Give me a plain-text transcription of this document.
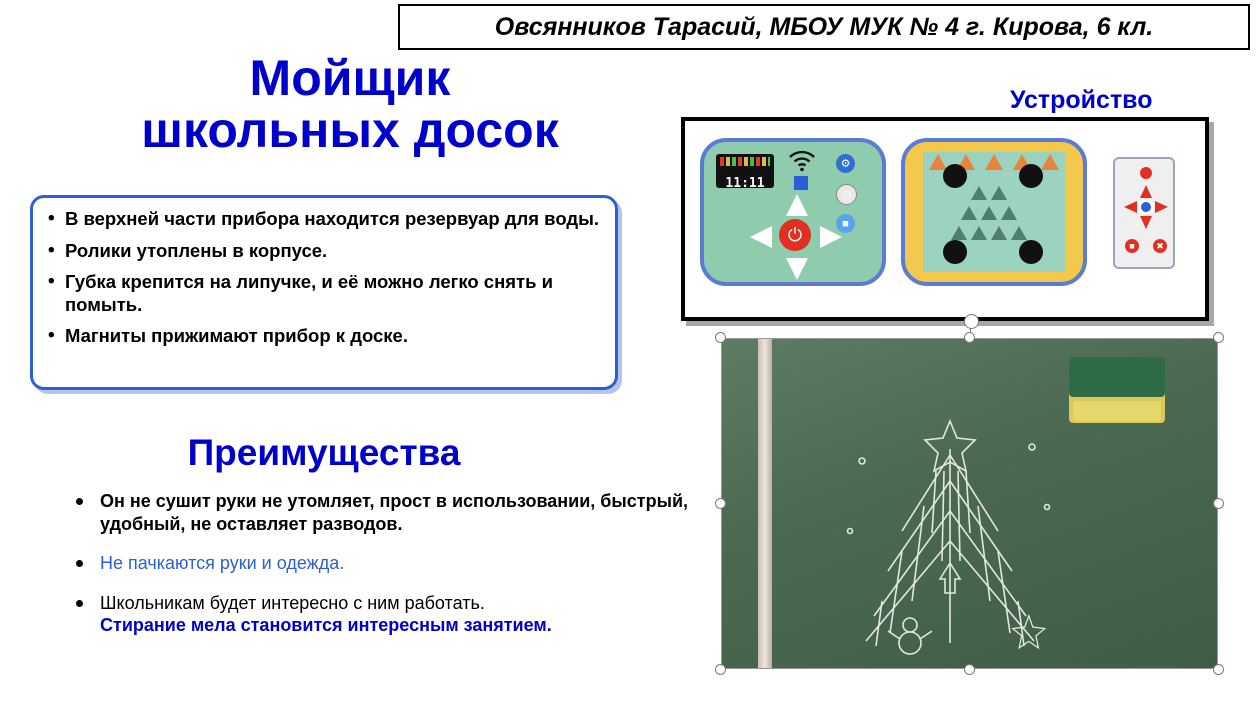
Овсянников Тарасий, МБОУ МУК № 4 г. Кирова, 6 кл.
Мойщик
школьных досок
Устройство
• В верхней части прибора находится резервуар для воды.
• Ролики утоплены в корпусе.
• Губка крепится на липучке, и её можно легко снять и помыть.
• Магниты прижимают прибор к доске.
Преимущества
Он не сушит руки не утомляет, прост в использовании, быстрый, удобный, не оставляет разводов.
Не пачкаются руки и одежда.
Школьникам будет интересно с ним работать.
Стирание мела становится интересным занятием.
11:11
⚙
◷
■
⏻
■	✖
